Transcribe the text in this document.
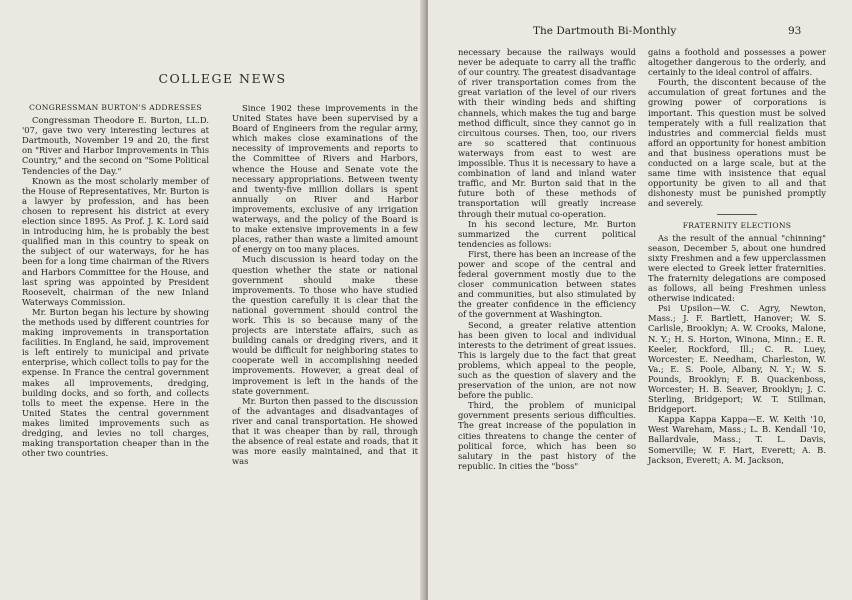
COLLEGE NEWS
CONGRESSMAN BURTON'S ADDRESSES

Congressman Theodore E. Burton, LL.D. '07, gave two very interesting lectures at Dartmouth, November 19 and 20, the first on "River and Harbor Improvements in This Country," and the second on "Some Political Tendencies of the Day."

Known as the most scholarly member of the House of Representatives, Mr. Burton is a lawyer by profession, and has been chosen to represent his district at every election since 1895. As Prof. J. K. Lord said in introducing him, he is probably the best qualified man in this country to speak on the subject of our waterways, for he has been for a long time chairman of the Rivers and Harbors Committee for the House, and last spring was appointed by President Roosevelt, chairman of the new Inland Waterways Commission.

Mr. Burton began his lecture by showing the methods used by different countries for making improvements in transportation facilities. In England, he said, improvement is left entirely to municipal and private enterprise, which collect tolls to pay for the expense. In France the central government makes all improvements, dredging, building docks, and so forth, and collects tolls to meet the expense. Here in the United States the central government makes limited improvements such as dredging, and levies no toll charges, making transportation cheaper than in the other two countries.

Since 1902 these improvements in the United States have been supervised by a Board of Engineers from the regular army, which makes close examinations of the necessity of improvements and reports to the Committee of Rivers and Harbors, whence the House and Senate vote the necessary appropriations. Between twenty and twenty-five million dollars is spent annually on River and Harbor improvements, exclusive of any irrigation waterways, and the policy of the Board is to make extensive improvements in a few places, rather than waste a limited amount of energy on too many places.

Much discussion is heard today on the question whether the state or national government should make these improvements. To those who have studied the question carefully it is clear that the national government should control the work. This is so because many of the projects are interstate affairs, such as building canals or dredging rivers, and it would be difficult for neighboring states to cooperate well in accomplishing needed improvements. However, a great deal of improvement is left in the hands of the state government.

Mr. Burton then passed to the discussion of the advantages and disadvantages of river and canal transportation. He showed that it was cheaper than by rail, through the absence of real estate and roads, that it was more easily maintained, and that it was

The Dartmouth Bi-Monthly	93

necessary because the railways would never be adequate to carry all the traffic of our country. The greatest disadvantage of river transportation comes from the great variation of the level of our rivers with their winding beds and shifting channels, which makes the tug and barge method difficult, since they cannot go in circuitous courses. Then, too, our rivers are so scattered that continuous waterways from east to west are impossible. Thus it is necessary to have a combination of land and inland water traffic, and Mr. Burton said that in the future both of these methods of transportation will greatly increase through their mutual co-operation.

In his second lecture, Mr. Burton summarized the current political tendencies as follows:

First, there has been an increase of the power and scope of the central and federal government mostly due to the closer communication between states and communities, but also stimulated by the greater confidence in the efficiency of the government at Washington.

Second, a greater relative attention has been given to local and individual interests to the detriment of great issues. This is largely due to the fact that great problems, which appeal to the people, such as the question of slavery and the preservation of the union, are not now before the public.

Third, the problem of municipal government presents serious difficulties. The great increase of the population in cities threatens to change the center of political force, which has been so salutary in the past history of the republic. In cities the "boss"

gains a foothold and possesses a power altogether dangerous to the orderly, and certainly to the ideal control of affairs.

Fourth, the discontent because of the accumulation of great fortunes and the growing power of corporations is important. This question must be solved temperately with a full realization that industries and commercial fields must afford an opportunity for honest ambition and that business operations must be conducted on a large scale, but at the same time with insistence that equal opportunity be given to all and that dishonesty must be punished promptly and severely.

FRATERNITY ELECTIONS

As the result of the annual "chinning" season, December 5, about one hundred sixty Freshmen and a few upperclassmen were elected to Greek letter fraternities. The fraternity delegations are composed as follows, all being Freshmen unless otherwise indicated:

Psi Upsilon—W. C. Agry, Newton, Mass.; J. F. Bartlett, Hanover; W. S. Carlisle, Brooklyn; A. W. Crooks, Malone, N. Y.; H. S. Horton, Winona, Minn.; E. R. Keeler, Rockford, Ill.; C. R. Luey, Worcester; E. Needham, Charleston, W. Va.; E. S. Poole, Albany, N. Y.; W. S. Pounds, Brooklyn; F. B. Quackenboss, Worcester; H. B. Seaver, Brooklyn; J. C. Sterling, Bridgeport; W. T. Stillman, Bridgeport.

Kappa Kappa Kappa—E. W. Keith '10, West Wareham, Mass.; L. B. Kendall '10, Ballardvale, Mass.; T. L. Davis, Somerville; W. F. Hart, Everett; A. B. Jackson, Everett; A. M. Jackson,
